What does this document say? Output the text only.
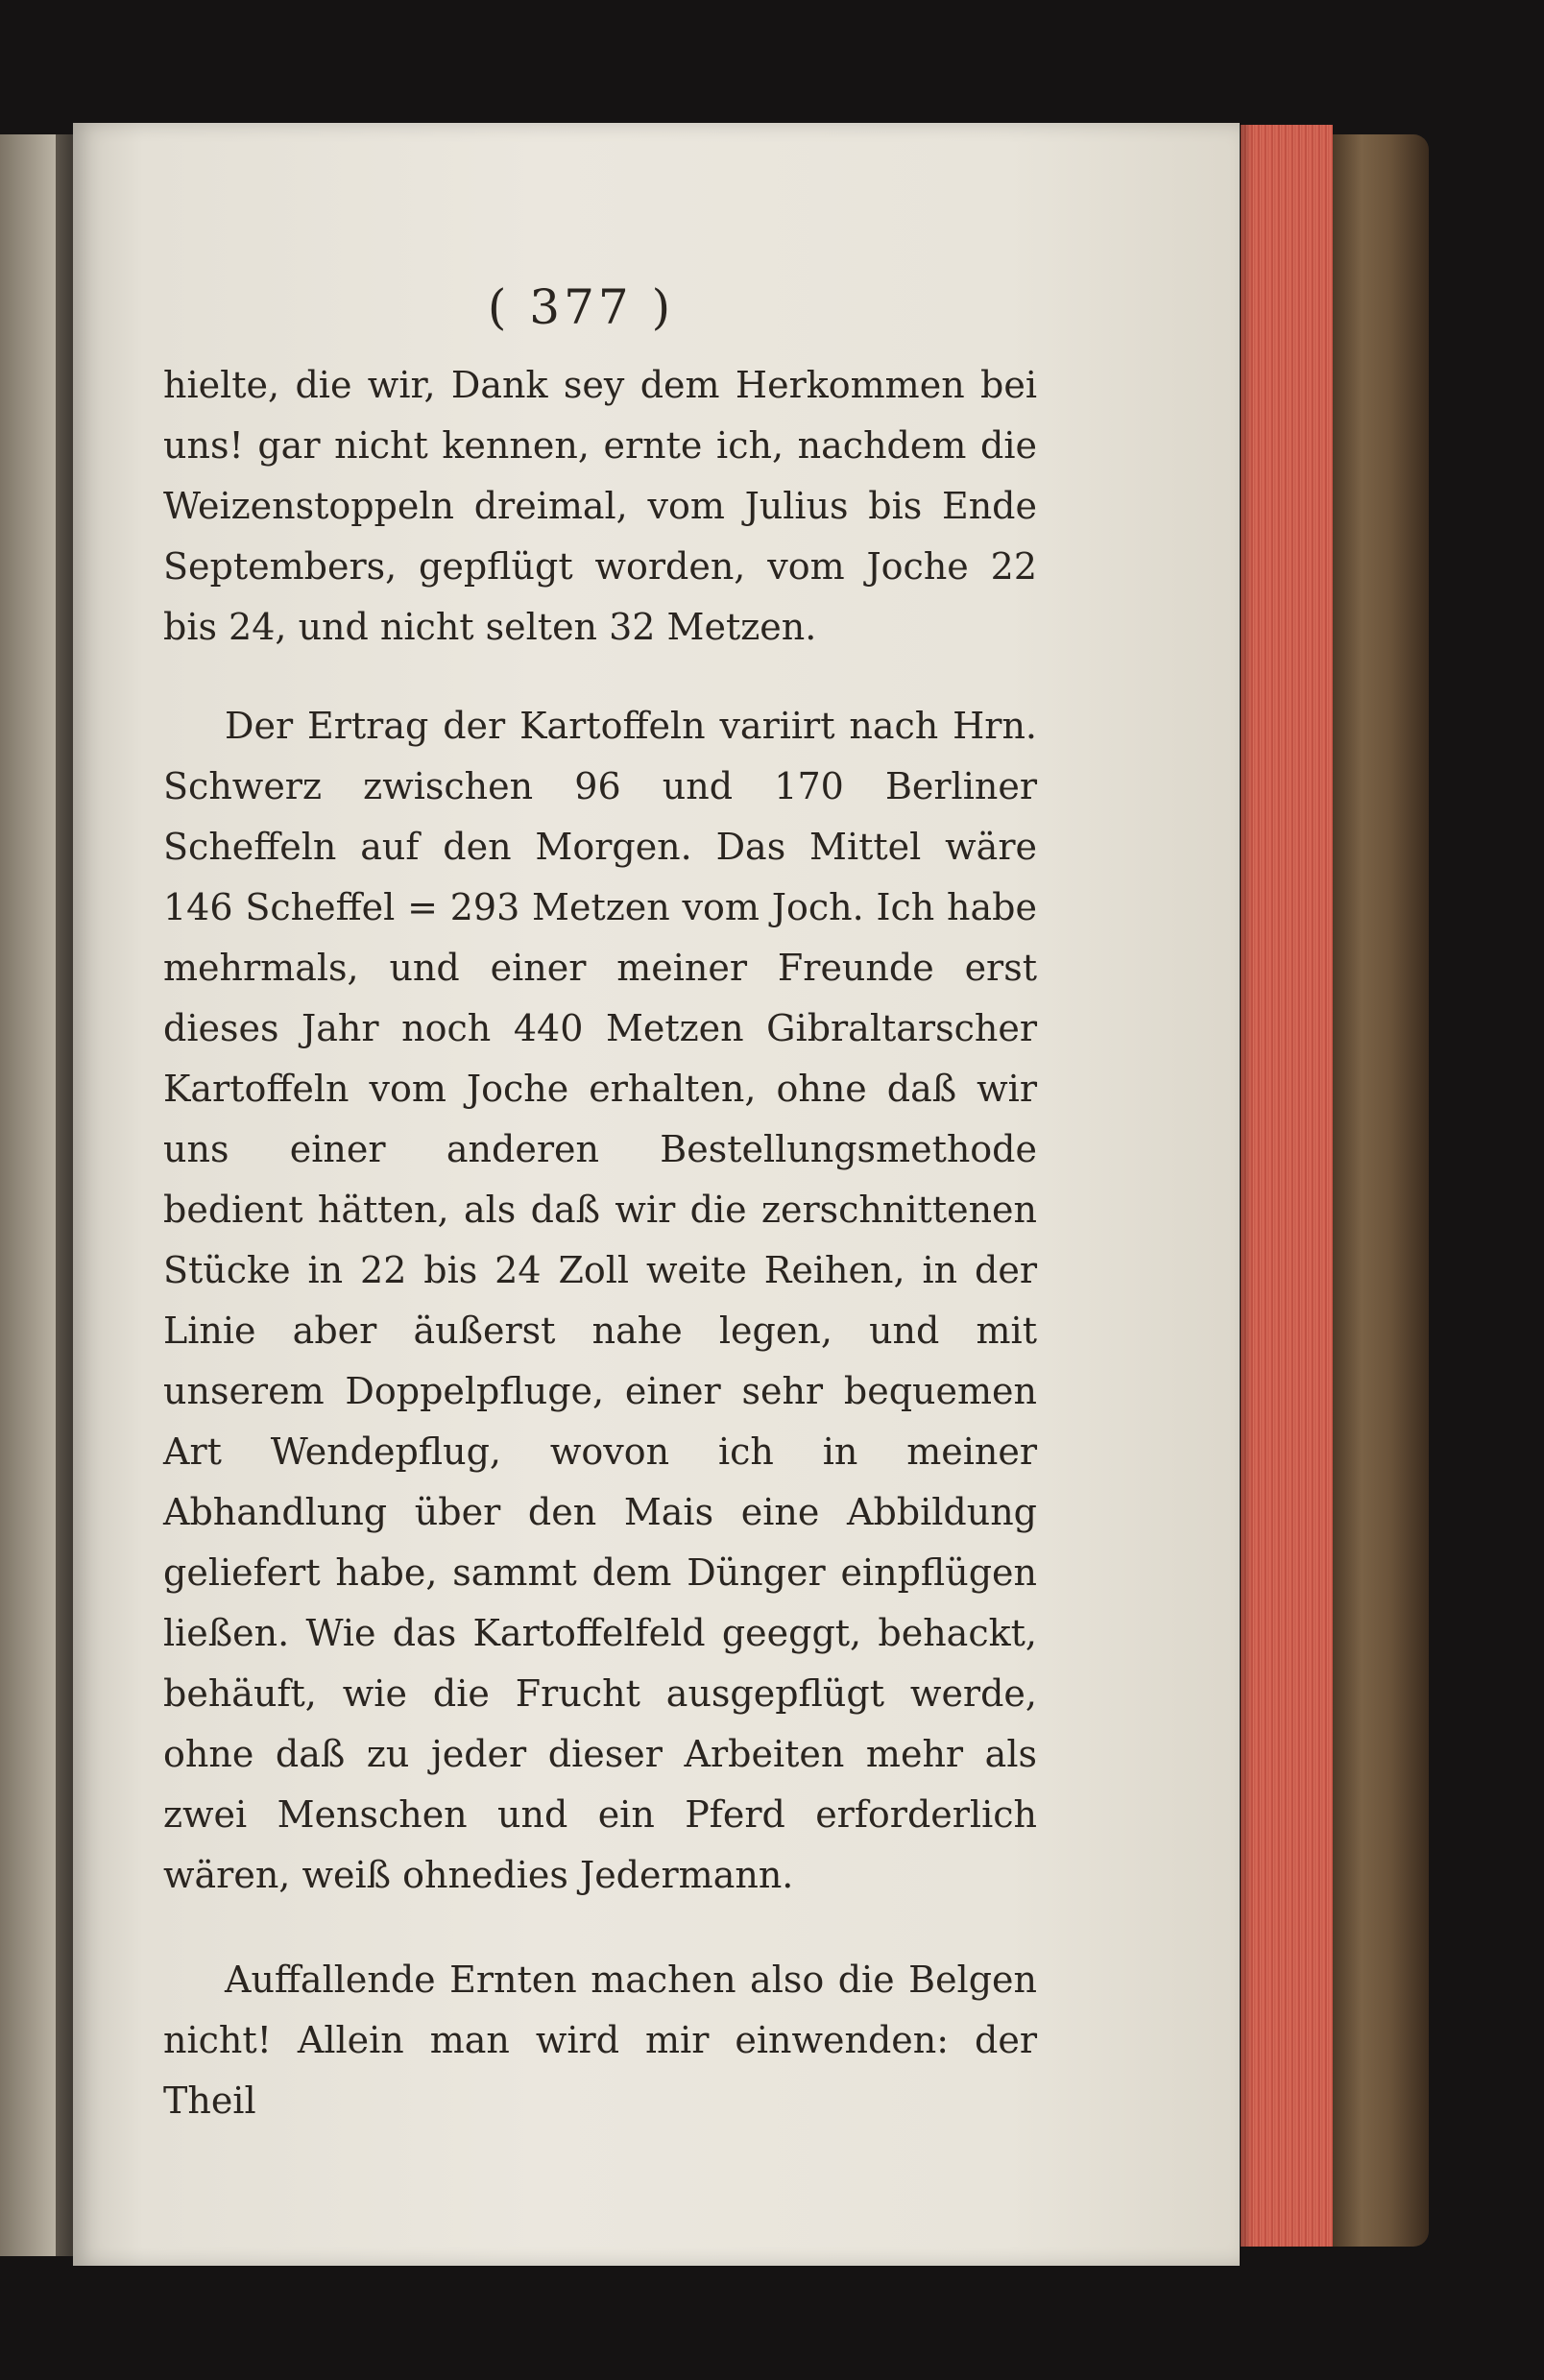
( 377 )

hielte, die wir, Dank sey dem Herkommen bei uns! gar nicht kennen, ernte ich, nachdem die Weizenstoppeln dreimal, vom Julius bis Ende Septembers, gepflügt worden, vom Joche 22 bis 24, und nicht selten 32 Metzen.

Der Ertrag der Kartoffeln variirt nach Hrn. Schwerz zwischen 96 und 170 Berliner Scheffeln auf den Morgen. Das Mittel wäre 146 Scheffel = 293 Metzen vom Joch. Ich habe mehrmals, und einer meiner Freunde erst dieses Jahr noch 440 Metzen Gibraltarscher Kartoffeln vom Joche erhalten, ohne daß wir uns einer anderen Bestellungsmethode bedient hätten, als daß wir die zerschnittenen Stücke in 22 bis 24 Zoll weite Reihen, in der Linie aber äußerst nahe legen, und mit unserem Doppelpfluge, einer sehr bequemen Art Wendepflug, wovon ich in meiner Abhandlung über den Mais eine Abbildung geliefert habe, sammt dem Dünger einpflügen ließen. Wie das Kartoffelfeld geeggt, behackt, behäuft, wie die Frucht ausgepflügt werde, ohne daß zu jeder dieser Arbeiten mehr als zwei Menschen und ein Pferd erforderlich wären, weiß ohnedies Jedermann.

Auffallende Ernten machen also die Belgen nicht! Allein man wird mir einwenden: der Theil
